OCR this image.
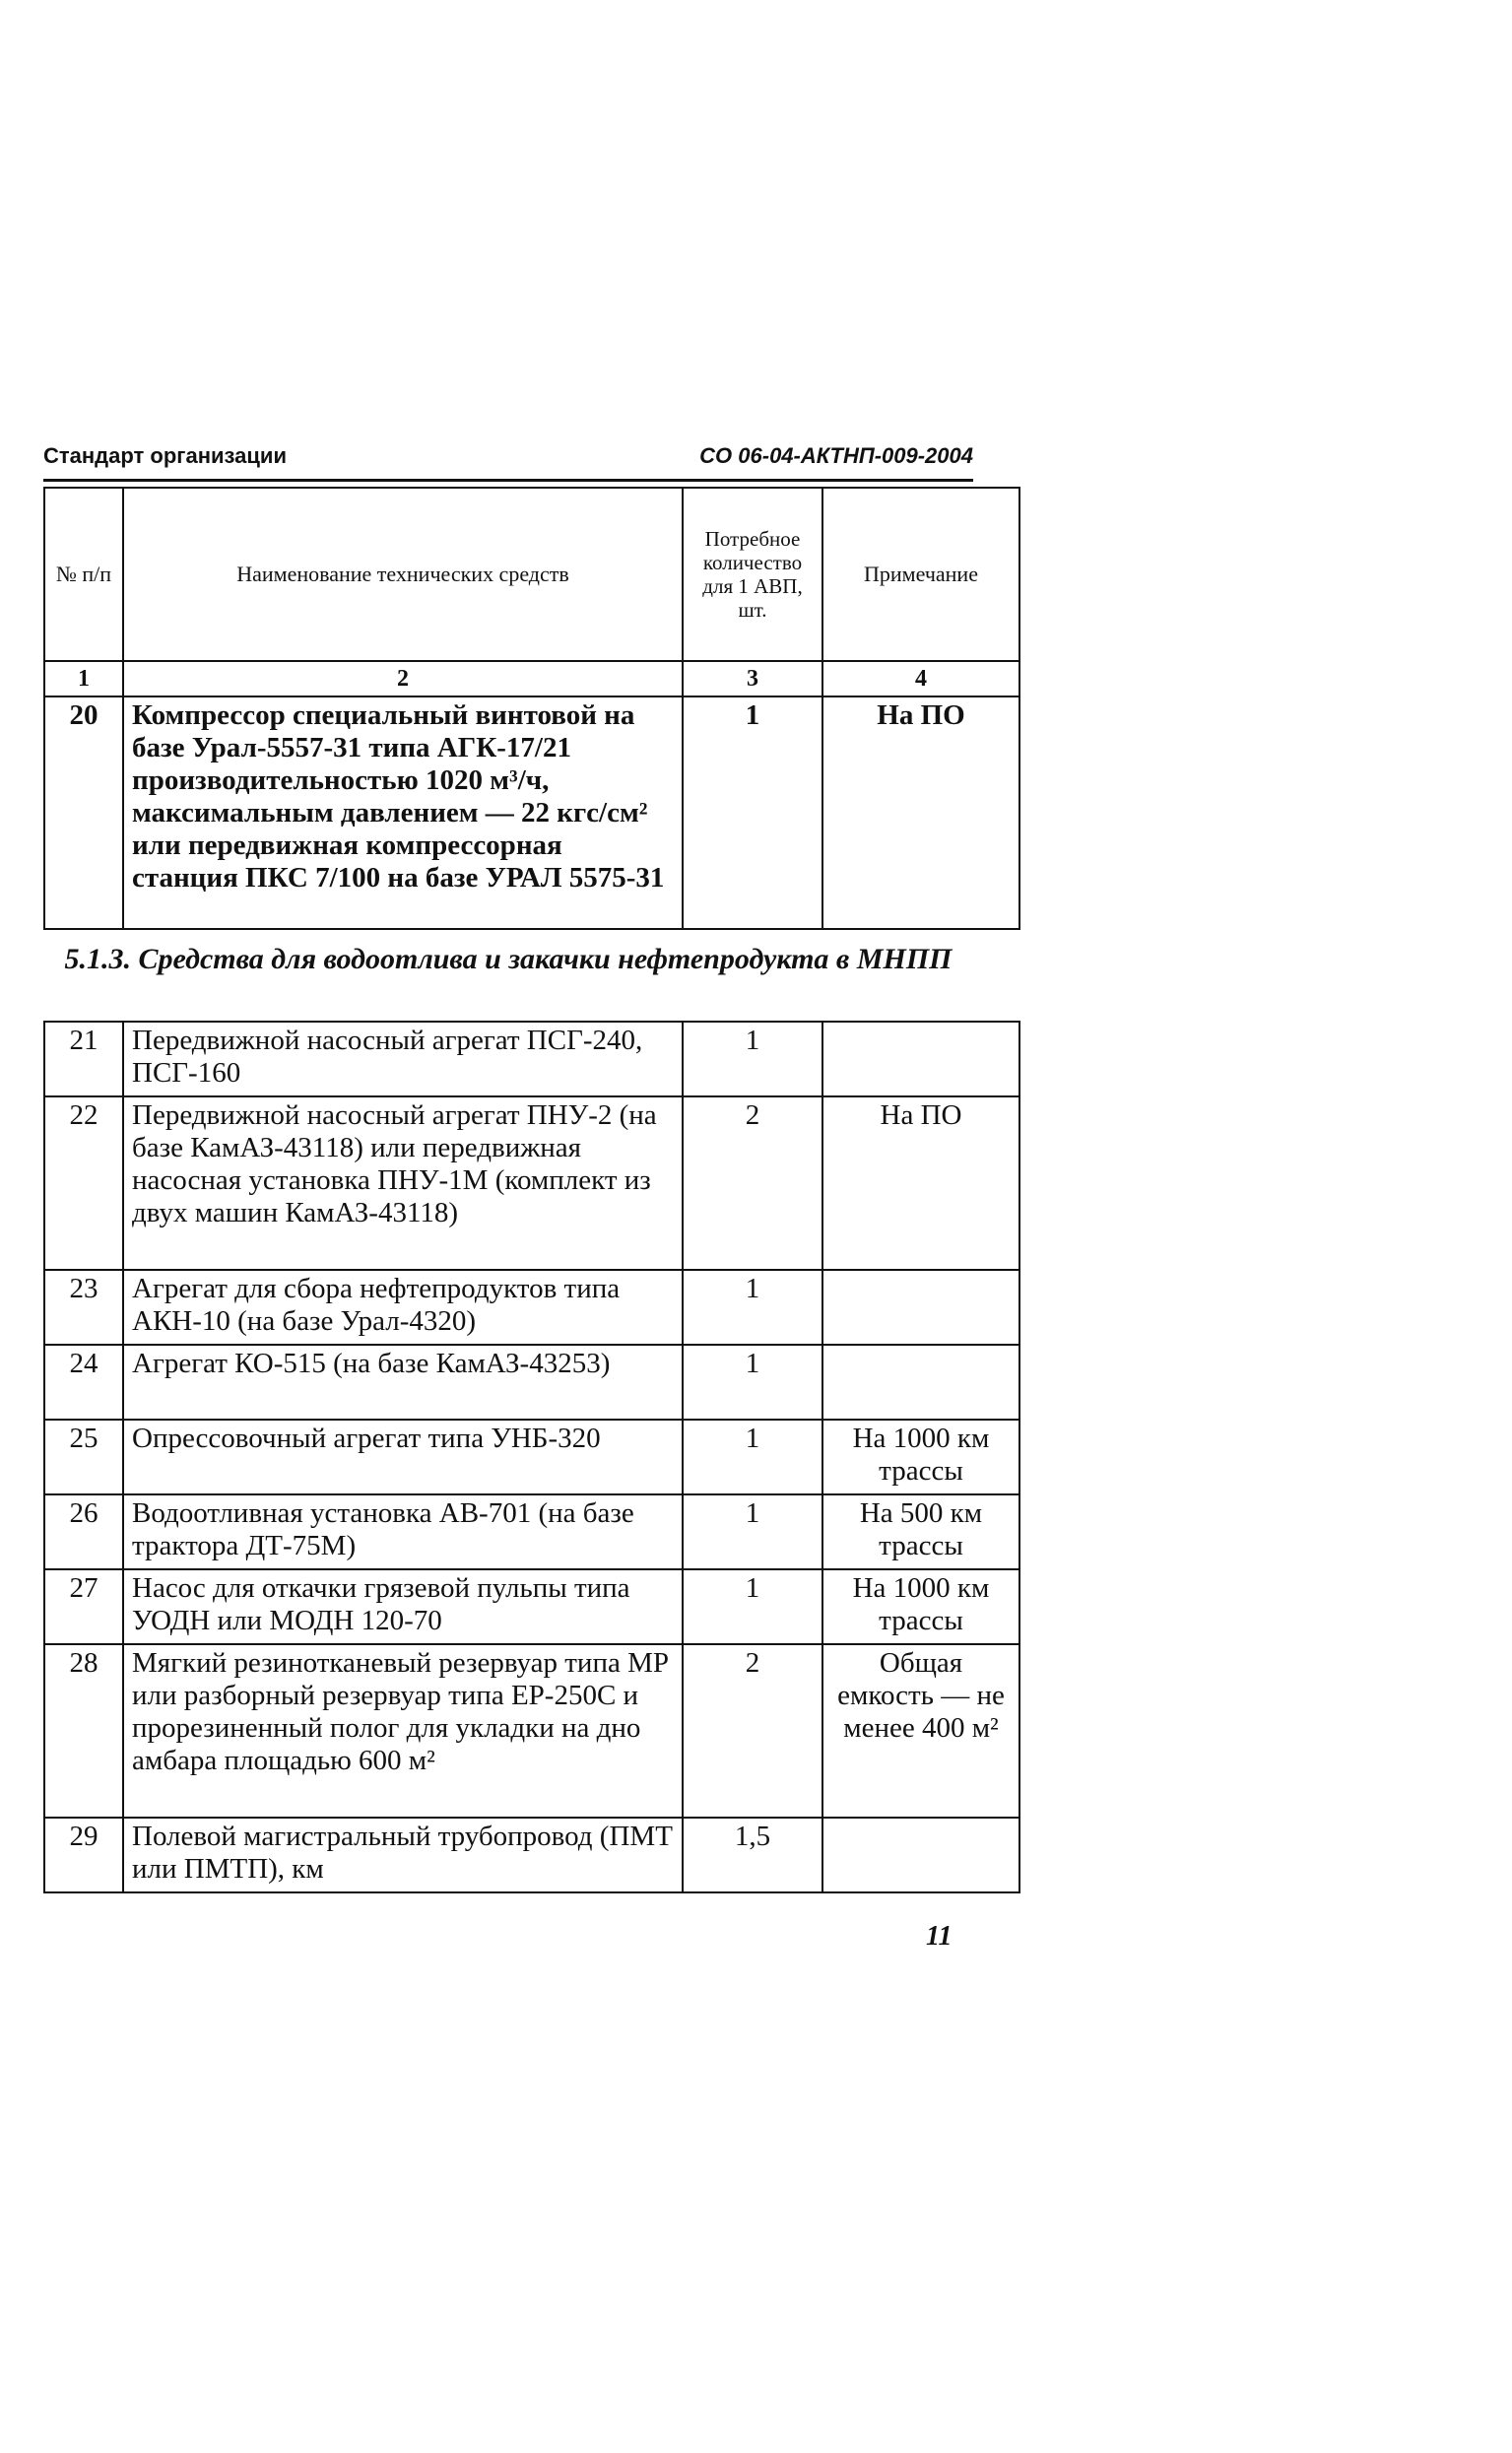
Стандарт организации	СО 06-04-АКТНП-009-2004
№ п/п	Наименование технических средств	Потребное количество для 1 АВП, шт.	Примечание
1	2	3	4
20	Компрессор специальный винтовой на базе Урал-5557-31 типа АГК-17/21 производительностью 1020 м³/ч, максимальным давлением — 22 кгс/см² или передвижная компрессорная станция ПКС 7/100 на базе УРАЛ 5575-31	1	На ПО
5.1.3. Средства для водоотлива и закачки нефтепродукта в МНПП
21	Передвижной насосный агрегат ПСГ-240, ПСГ-160	1	
22	Передвижной насосный агрегат ПНУ-2 (на базе КамАЗ-43118) или передвижная насосная установка ПНУ-1М (комплект из двух машин КамАЗ-43118)	2	На ПО
23	Агрегат для сбора нефтепродуктов типа АКН-10 (на базе Урал-4320)	1	
24	Агрегат КО-515 (на базе КамАЗ-43253)	1	
25	Опрессовочный агрегат типа УНБ-320	1	На 1000 км трассы
26	Водоотливная установка АВ-701 (на базе трактора ДТ-75М)	1	На 500 км трассы
27	Насос для откачки грязевой пульпы типа УОДН или МОДН 120-70	1	На 1000 км трассы
28	Мягкий резинотканевый резервуар типа МР или разборный резервуар типа ЕР-250С и прорезиненный полог для укладки на дно амбара площадью 600 м²	2	Общая емкость — не менее 400 м²
29	Полевой магистральный трубопровод (ПМТ или ПМТП), км	1,5	
11
